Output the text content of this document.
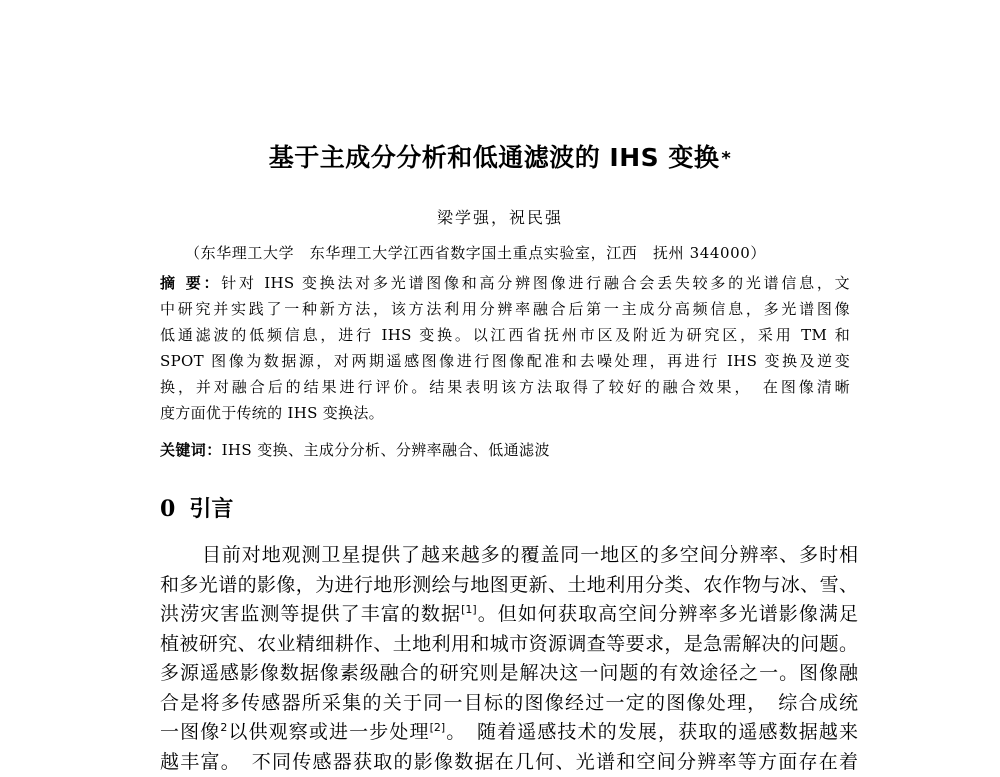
基于主成分分析和低通滤波的 IHS 变换 *
梁学强，祝民强
（东华理工大学　东华理工大学江西省数字国土重点实验室，江西　抚州 344000）
摘 要：针对 IHS 变换法对多光谱图像和高分辨图像进行融合会丢失较多的光谱信息，文
中研究并实践了一种新方法，该方法利用分辨率融合后第一主成分高频信息，多光谱图像
低通滤波的低频信息，进行 IHS 变换。以江西省抚州市区及附近为研究区，采用 TM 和
SPOT 图像为数据源，对两期遥感图像进行图像配准和去噪处理，再进行 IHS 变换及逆变
换，并对融合后的结果进行评价。结果表明该方法取得了较好的融合效果，　在图像清晰
度方面优于传统的 IHS 变换法。
关键词：IHS 变换、主成分分析、分辨率融合、低通滤波
0 引言
目前对地观测卫星提供了越来越多的覆盖同一地区的多空间分辨率、多时相
和多光谱的影像，为进行地形测绘与地图更新、土地利用分类、农作物与冰、雪、
洪涝灾害监测等提供了丰富的数据[1]。但如何获取高空间分辨率多光谱影像满足
植被研究、农业精细耕作、土地利用和城市资源调查等要求，是急需解决的问题。
多源遥感影像数据像素级融合的研究则是解决这一问题的有效途径之一。图像融
合是将多传感器所采集的关于同一目标的图像经过一定的图像处理，　综合成统
一图像$^2$以供观察或进一步处理[2]。　随着遥感技术的发展，获取的遥感数据越来
越丰富。　不同传感器获取的影像数据在几何、光谱和空间分辨率等方面存在着
